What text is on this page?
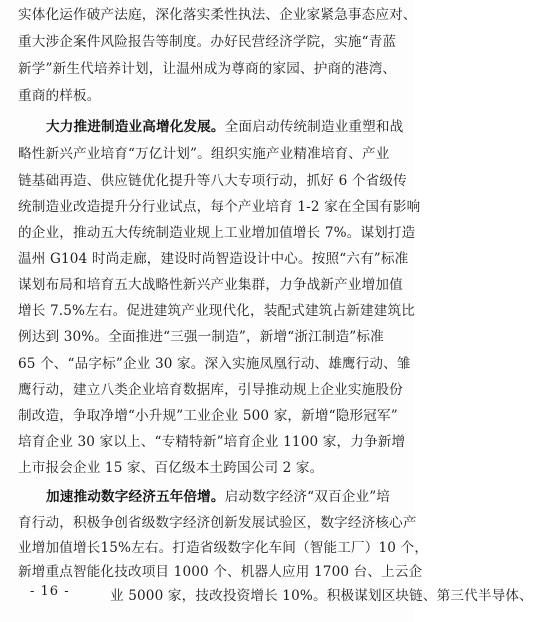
实体化运作破产法庭，深化落实柔性执法、企业家紧急事态应对、
重大涉企案件风险报告等制度。办好民营经济学院，实施“青蓝
新学”新生代培养计划，让温州成为尊商的家园、护商的港湾、
重商的样板。
大力推进制造业高增化发展。全面启动传统制造业重塑和战
略性新兴产业培育“万亿计划”。组织实施产业精准培育、产业
链基础再造、供应链优化提升等八大专项行动，抓好 6 个省级传
统制造业改造提升分行业试点，每个产业培育 1-2 家在全国有影响
的企业，推动五大传统制造业规上工业增加值增长 7%。谋划打造
温州 G104 时尚走廊，建设时尚智造设计中心。按照“六有”标准
谋划布局和培育五大战略性新兴产业集群，力争战新产业增加值
增长 7.5%左右。促进建筑产业现代化，装配式建筑占新建建筑比
例达到 30%。全面推进“三强一制造”，新增“浙江制造”标准
65 个、“品字标”企业 30 家。深入实施凤凰行动、雄鹰行动、雏
鹰行动，建立八类企业培育数据库，引导推动规上企业实施股份
制改造，争取净增“小升规”工业企业 500 家，新增“隐形冠军”
培育企业 30 家以上、“专精特新”培育企业 1100 家，力争新增
上市报会企业 15 家、百亿级本土跨国公司 2 家。
加速推动数字经济五年倍增。启动数字经济“双百企业”培
育行动，积极争创省级数字经济创新发展试验区，数字经济核心产
业增加值增长15%左右。打造省级数字化车间（智能工厂）10 个，
新增重点智能化技改项目 1000 个、机器人应用 1700 台、上云企
业 5000 家，技改投资增长 10%。积极谋划区块链、第三代半导体、
- 16 -
